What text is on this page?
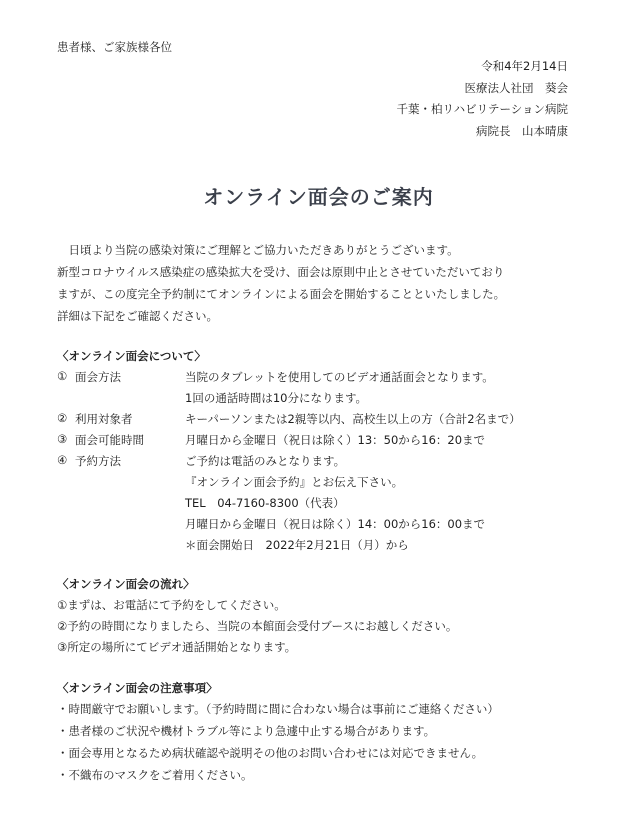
患者様、ご家族様各位
令和4年2月14日
医療法人社団　葵会
千葉・柏リハビリテーション病院
病院長　山本晴康
オンライン面会のご案内
　日頃より当院の感染対策にご理解とご協力いただきありがとうございます。
新型コロナウイルス感染症の感染拡大を受け、面会は原則中止とさせていただいており
ますが、この度完全予約制にてオンラインによる面会を開始することといたしました。
詳細は下記をご確認ください。
〈オンライン面会について〉
① 面会方法	当院のタブレットを使用してのビデオ通話面会となります。
1回の通話時間は10分になります。
② 利用対象者	キーパーソンまたは2親等以内、高校生以上の方（合計2名まで）
③ 面会可能時間	月曜日から金曜日（祝日は除く）13：50から16：20まで
④ 予約方法	ご予約は電話のみとなります。
『オンライン面会予約』とお伝え下さい。
TEL　04-7160-8300（代表）
月曜日から金曜日（祝日は除く）14：00から16：00まで
＊面会開始日　2022年2月21日（月）から
〈オンライン面会の流れ〉
①まずは、お電話にて予約をしてください。
②予約の時間になりましたら、当院の本館面会受付ブースにお越しください。
③所定の場所にてビデオ通話開始となります。
〈オンライン面会の注意事項〉
・時間厳守でお願いします。（予約時間に間に合わない場合は事前にご連絡ください）
・患者様のご状況や機材トラブル等により急遽中止する場合があります。
・面会専用となるため病状確認や説明その他のお問い合わせには対応できません。
・不織布のマスクをご着用ください。
